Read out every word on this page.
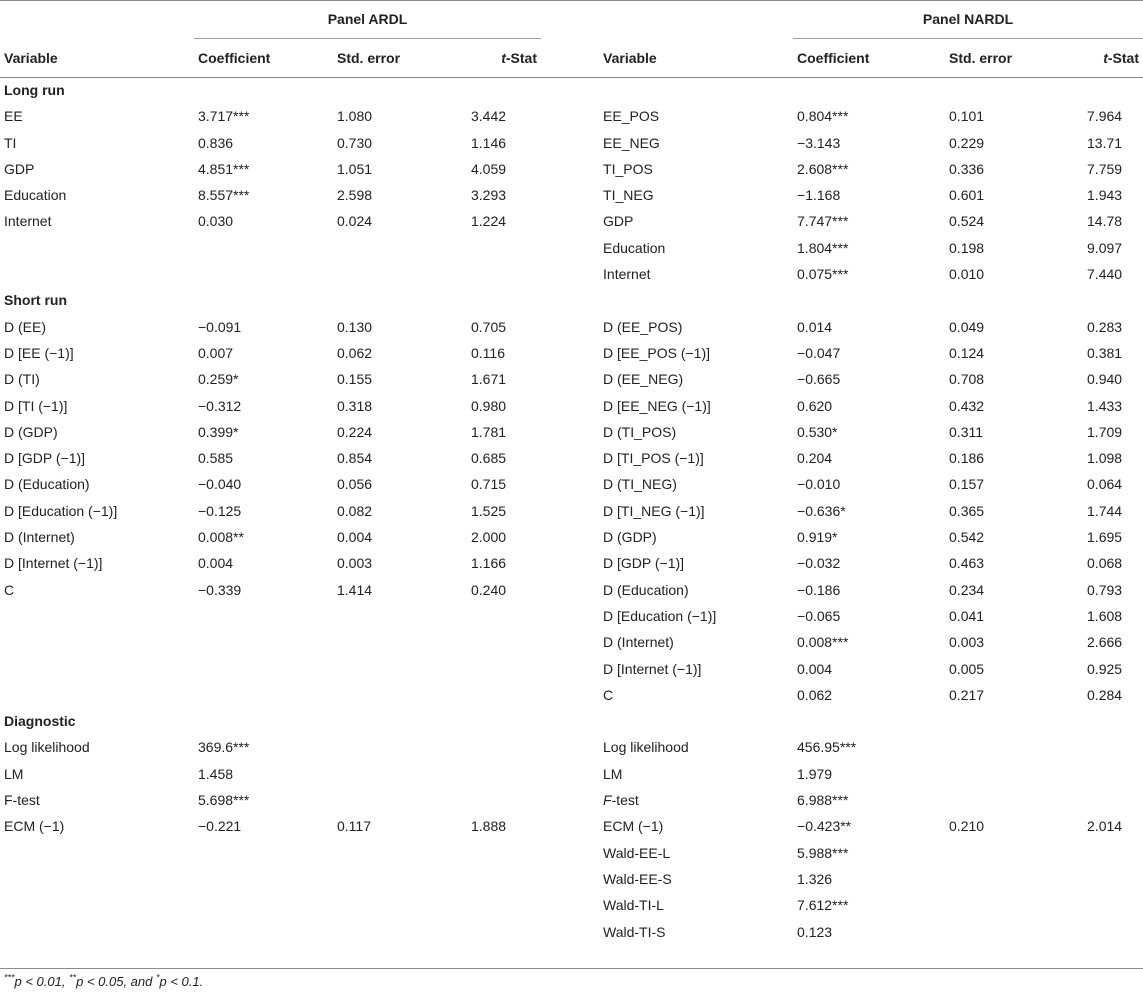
	Panel ARDL					Panel NARDL		

Variable	Coefficient	Std. error	t-Stat		Variable	Coefficient	Std. error	t-Stat
Long run								
EE	3.717***	1.080	3.442		EE_POS	0.804***	0.101	7.964
TI	0.836	0.730	1.146		EE_NEG	−3.143	0.229	13.71
GDP	4.851***	1.051	4.059		TI_POS	2.608***	0.336	7.759
Education	8.557***	2.598	3.293		TI_NEG	−1.168	0.601	1.943
Internet	0.030	0.024	1.224		GDP	7.747***	0.524	14.78
					Education	1.804***	0.198	9.097
					Internet	0.075***	0.010	7.440
Short run								
D (EE)	−0.091	0.130	0.705		D (EE_POS)	0.014	0.049	0.283
D [EE (−1)]	0.007	0.062	0.116		D [EE_POS (−1)]	−0.047	0.124	0.381
D (TI)	0.259*	0.155	1.671		D (EE_NEG)	−0.665	0.708	0.940
D [TI (−1)]	−0.312	0.318	0.980		D [EE_NEG (−1)]	0.620	0.432	1.433
D (GDP)	0.399*	0.224	1.781		D (TI_POS)	0.530*	0.311	1.709
D [GDP (−1)]	0.585	0.854	0.685		D [TI_POS (−1)]	0.204	0.186	1.098
D (Education)	−0.040	0.056	0.715		D (TI_NEG)	−0.010	0.157	0.064
D [Education (−1)]	−0.125	0.082	1.525		D [TI_NEG (−1)]	−0.636*	0.365	1.744
D (Internet)	0.008**	0.004	2.000		D (GDP)	0.919*	0.542	1.695
D [Internet (−1)]	0.004	0.003	1.166		D [GDP (−1)]	−0.032	0.463	0.068
C	−0.339	1.414	0.240		D (Education)	−0.186	0.234	0.793
					D [Education (−1)]	−0.065	0.041	1.608
					D (Internet)	0.008***	0.003	2.666
					D [Internet (−1)]	0.004	0.005	0.925
					C	0.062	0.217	0.284
Diagnostic								
Log likelihood	369.6***				Log likelihood	456.95***		
LM	1.458				LM	1.979		
F-test	5.698***				F-test	6.988***		
ECM (−1)	−0.221	0.117	1.888		ECM (−1)	−0.423**	0.210	2.014
					Wald-EE-L	5.988***		
					Wald-EE-S	1.326		
					Wald-TI-L	7.612***		
					Wald-TI-S	0.123		
***p < 0.01, **p < 0.05, and *p < 0.1.
